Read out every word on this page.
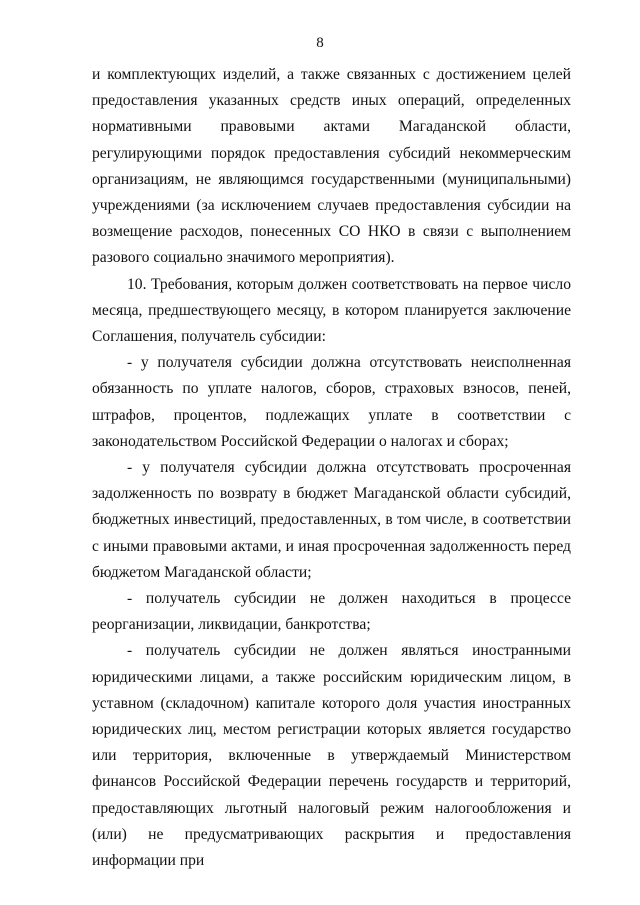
8

и комплектующих изделий, а также связанных с достижением целей предоставления указанных средств иных операций, определенных нормативными правовыми актами Магаданской области, регулирующими порядок предоставления субсидий некоммерческим организациям, не являющимся государственными (муниципальными) учреждениями (за исключением случаев предоставления субсидии на возмещение расходов, понесенных СО НКО в связи с выполнением разового социально значимого мероприятия).

10. Требования, которым должен соответствовать на первое число месяца, предшествующего месяцу, в котором планируется заключение Соглашения, получатель субсидии:

- у получателя субсидии должна отсутствовать неисполненная обязанность по уплате налогов, сборов, страховых взносов, пеней, штрафов, процентов, подлежащих уплате в соответствии с законодательством Российской Федерации о налогах и сборах;

- у получателя субсидии должна отсутствовать просроченная задолженность по возврату в бюджет Магаданской области субсидий, бюджетных инвестиций, предоставленных, в том числе, в соответствии с иными правовыми актами, и иная просроченная задолженность перед бюджетом Магаданской области;

- получатель субсидии не должен находиться в процессе реорганизации, ликвидации, банкротства;

- получатель субсидии не должен являться иностранными юридическими лицами, а также российским юридическим лицом, в уставном (складочном) капитале которого доля участия иностранных юридических лиц, местом регистрации которых является государство или территория, включенные в утверждаемый Министерством финансов Российской Федерации перечень государств и территорий, предоставляющих льготный налоговый режим налогообложения и (или) не предусматривающих раскрытия и предоставления информации при
